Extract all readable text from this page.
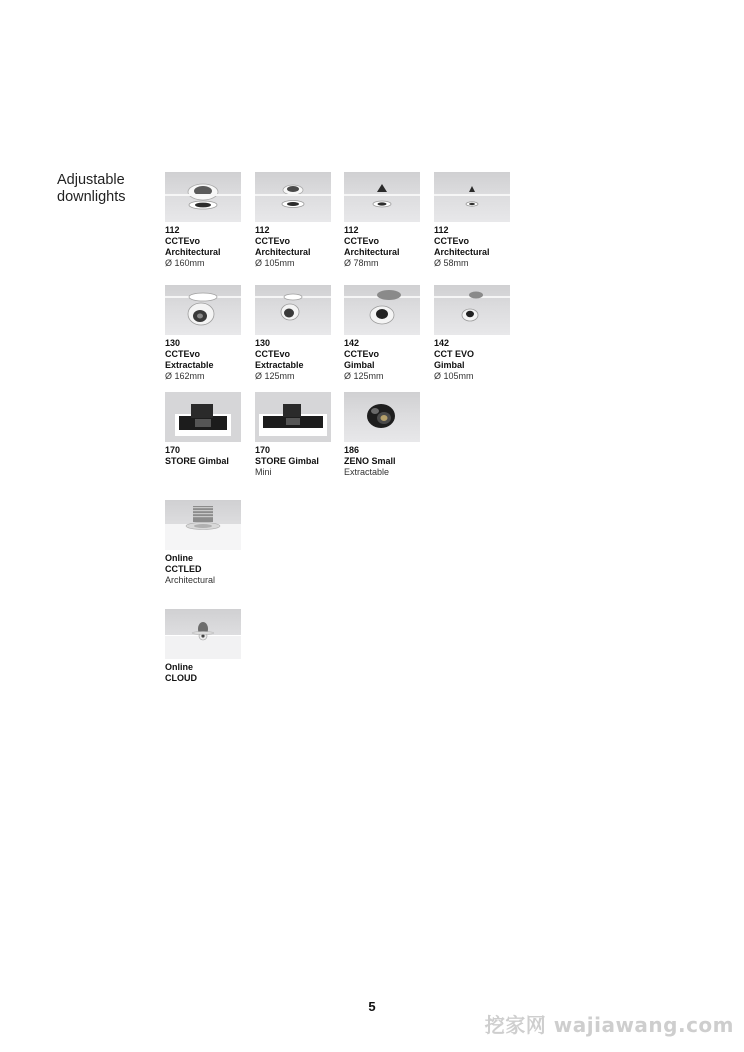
Adjustable
downlights
112
CCTEvo
Architectural
Ø 160mm
112
CCTEvo
Architectural
Ø 105mm
112
CCTEvo
Architectural
Ø 78mm
112
CCTEvo
Architectural
Ø 58mm
130
CCTEvo
Extractable
Ø 162mm
130
CCTEvo
Extractable
Ø 125mm
142
CCTEvo
Gimbal
Ø 125mm
142
CCT EVO
Gimbal
Ø 105mm
170
STORE Gimbal
170
STORE Gimbal
Mini
186
ZENO Small
Extractable
Online
CCTLED
Architectural
Online
CLOUD
5
挖家网 wajiawang.com
